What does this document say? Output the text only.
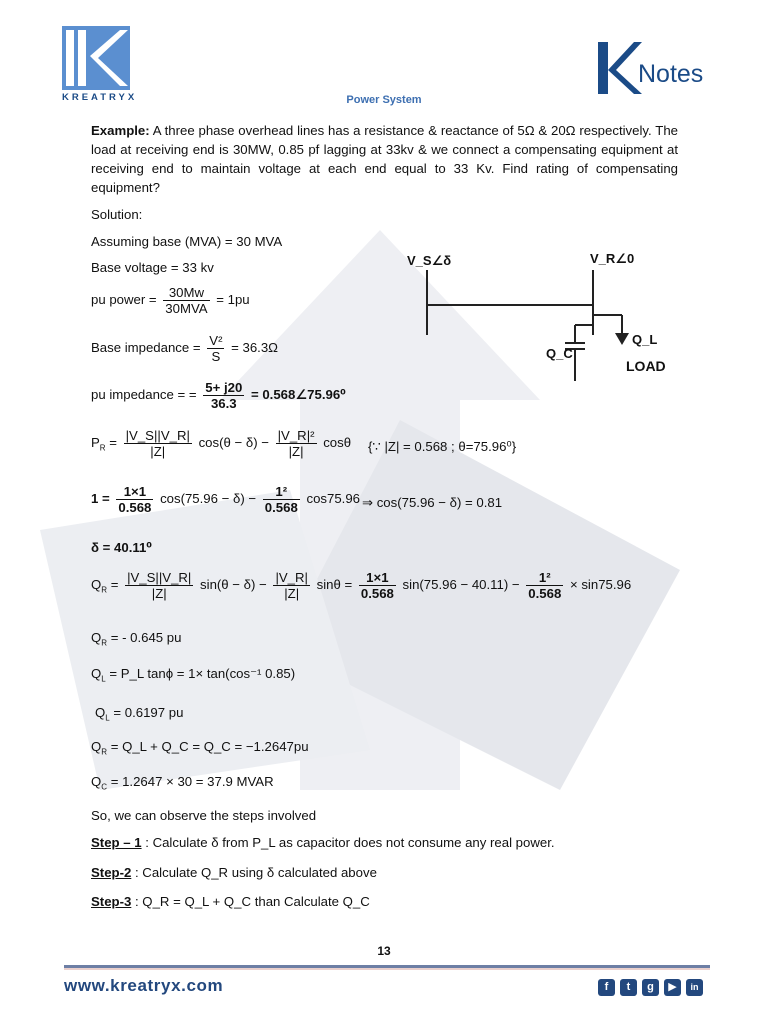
KREATRYX	Power System
Notes
Example: A three phase overhead lines has a resistance & reactance of 5Ω & 20Ω respectively. The load at receiving end is 30MW, 0.85 pf lagging at 33kv & we connect a compensating equipment at receiving end to maintain voltage at each end equal to 33 Kv. Find rating of compensating equipment?
Solution:
Assuming base (MVA) = 30 MVA
Base voltage = 33 kv
pu power = $\frac{30Mw}{\text{30MVA}} = 1pu$
Base impedance = $\frac{\text{V²}}{S} = 36.3\Omega$
pu impedance = = $\frac{5+ j20}{36.3}$ = 0.568∠75.96⁰
$P_R = \frac{|V\_S||V\_R|}{|Z|} \cos(\theta - \delta) - \frac{\text{|V\_R|²}}{|Z|}$ cosθ {∵ |Z| = 0.568 ; θ=75.96⁰}
$1 = \frac{1\times 1}{0.568} \cos(75.96 - \delta) - \frac{\text{1²}}{0.568} \cos 75.96$ ⇒ cos(75.96 − δ) = 0.81
δ = 40.11⁰
$Q_R = \frac{|V\_S||V\_R|}{|Z|} \sin(\theta - \delta) - \frac{|V\_R|}{|Z|}$ $\sin\theta = \frac{1\times 1}{0.568} \sin(75.96 - 40.11) - \frac{\text{1²}}{0.568} \times \sin 75.96$
$Q_R$ = - 0.645 pu
$Q_L$ = P_L tanϕ = 1× tan(cos⁻¹ 0.85)
$Q_L = 0.6197$ pu
$Q_R$ = Q_L + Q_C = Q_C = −1.2647pu
$Q_C = 1.2647 \times 30 = 37.9$ MVAR
So, we can observe the steps involved
Step – 1 : Calculate δ from P_L as capacitor does not consume any real power.
Step-2 : Calculate Q_R using δ calculated above
Step-3 : Q_R = Q_L + Q_C than Calculate Q_C
V_S∠δ	V_R∠0
Q_L
Q_C
LOAD
13
www.kreatryx.com	f	t	g	▶	in
